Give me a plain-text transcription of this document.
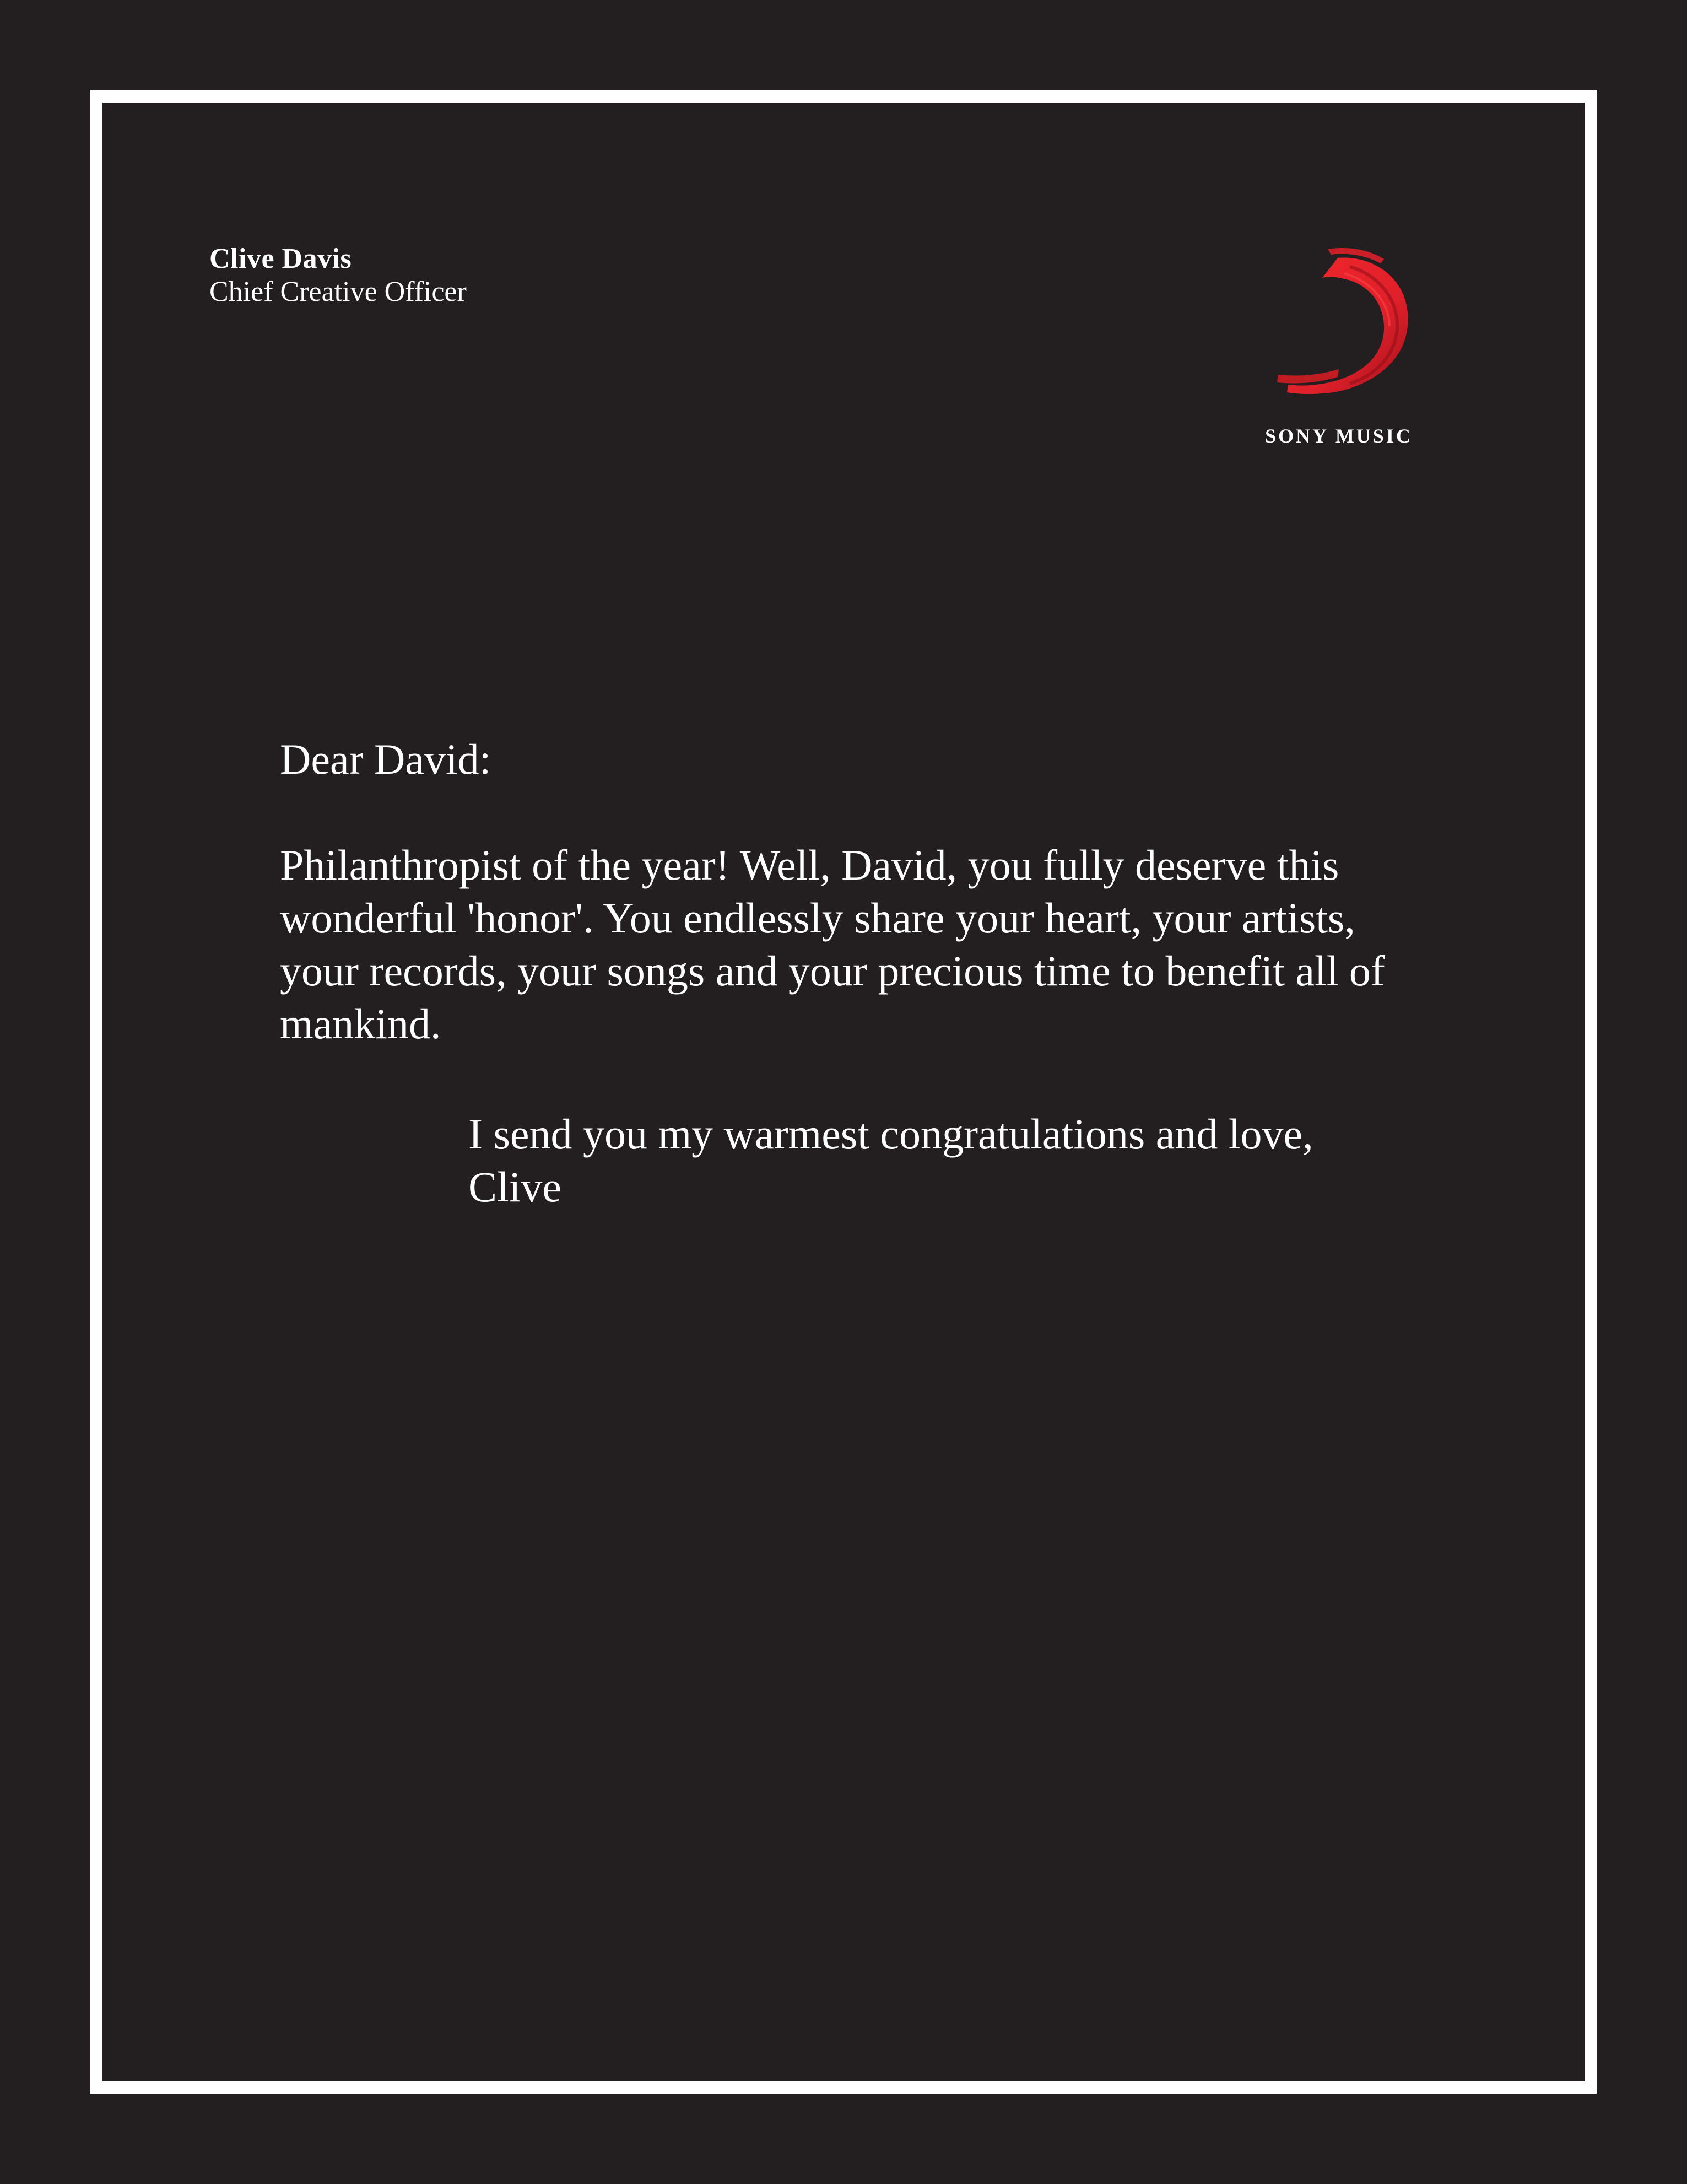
Clive Davis
Chief Creative Officer
SONY MUSIC

Dear David:

Philanthropist of the year! Well, David, you fully deserve this wonderful 'honor'. You endlessly share your heart, your artists, your records, your songs and your precious time to benefit all of mankind.

I send you my warmest congratulations and love,
Clive
